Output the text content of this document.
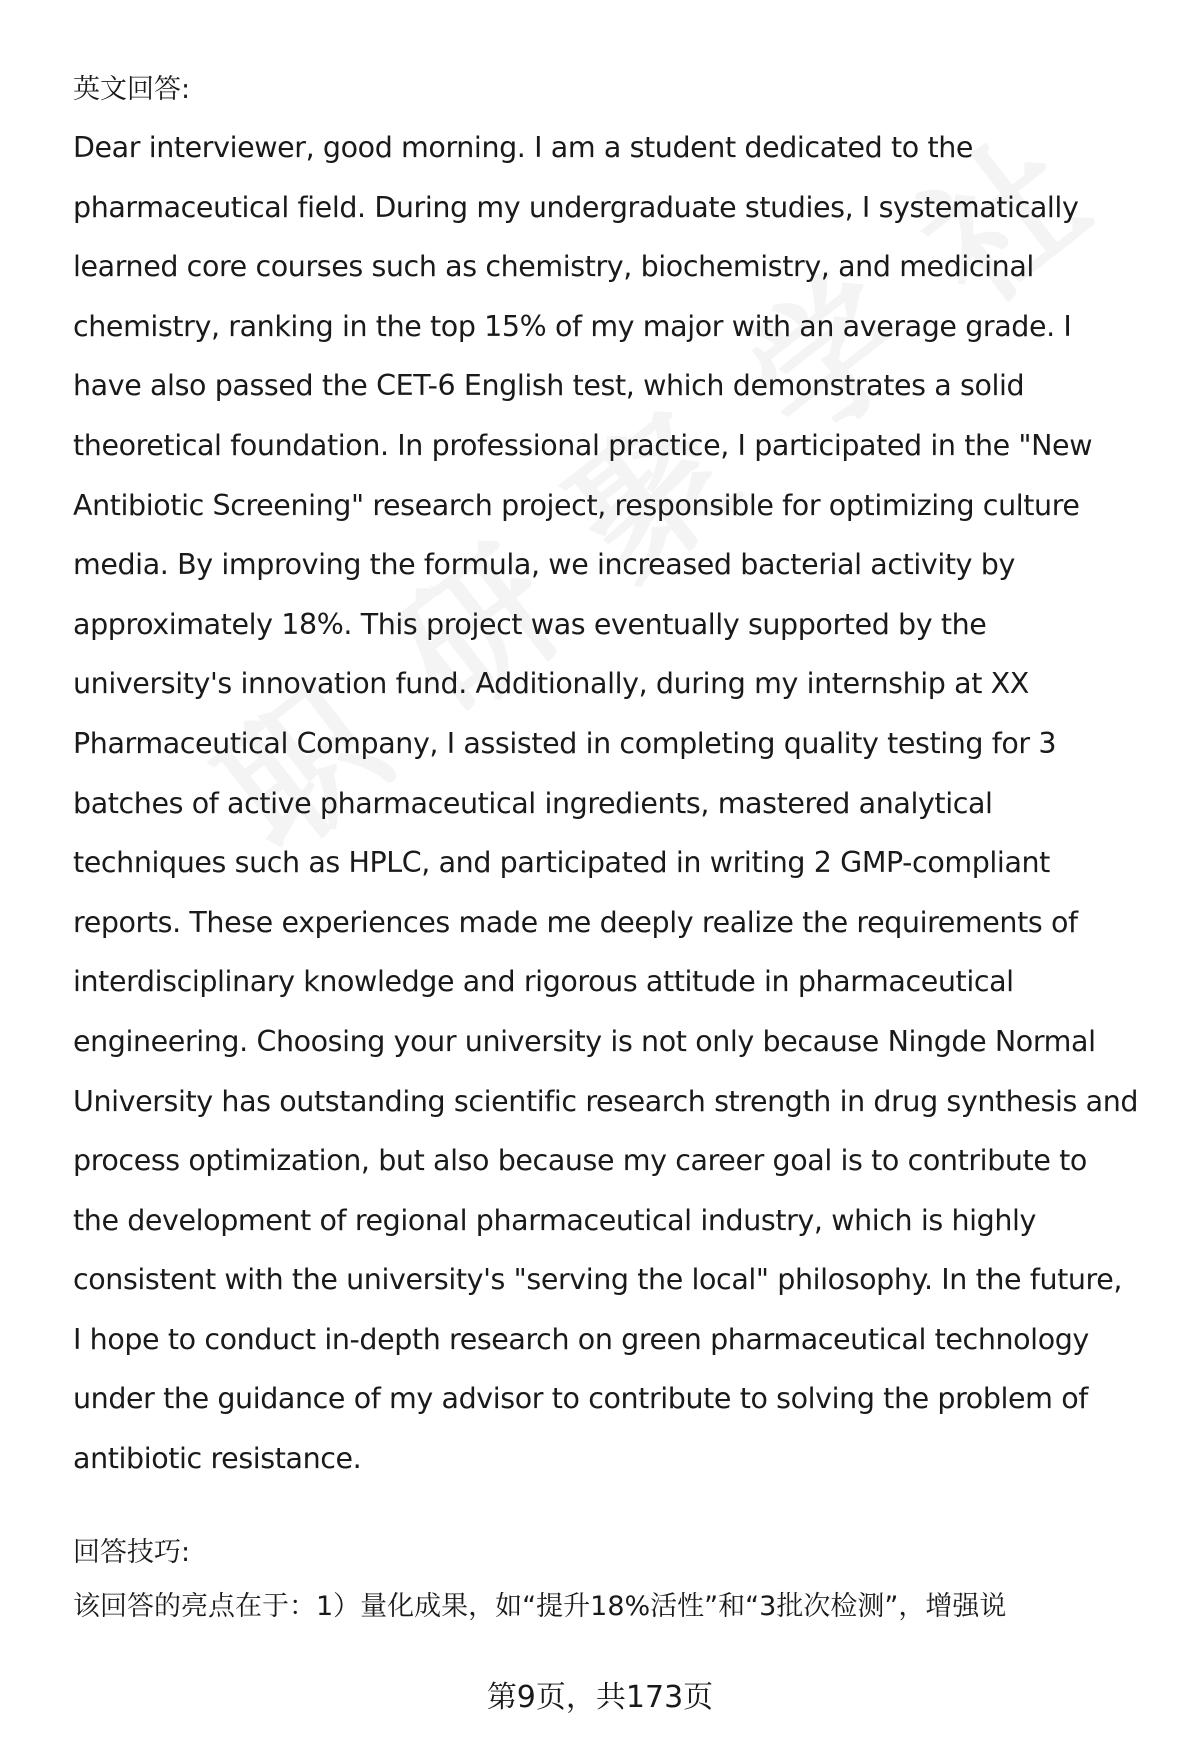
英文回答:
Dear interviewer, good morning. I am a student dedicated to the
pharmaceutical field. During my undergraduate studies, I systematically
learned core courses such as chemistry, biochemistry, and medicinal
chemistry, ranking in the top 15% of my major with an average grade. I
have also passed the CET-6 English test, which demonstrates a solid
theoretical foundation. In professional practice, I participated in the "New
Antibiotic Screening" research project, responsible for optimizing culture
media. By improving the formula, we increased bacterial activity by
approximately 18%. This project was eventually supported by the
university's innovation fund. Additionally, during my internship at XX
Pharmaceutical Company, I assisted in completing quality testing for 3
batches of active pharmaceutical ingredients, mastered analytical
techniques such as HPLC, and participated in writing 2 GMP-compliant
reports. These experiences made me deeply realize the requirements of
interdisciplinary knowledge and rigorous attitude in pharmaceutical
engineering. Choosing your university is not only because Ningde Normal
University has outstanding scientific research strength in drug synthesis and
process optimization, but also because my career goal is to contribute to
the development of regional pharmaceutical industry, which is highly
consistent with the university's "serving the local" philosophy. In the future,
I hope to conduct in-depth research on green pharmaceutical technology
under the guidance of my advisor to contribute to solving the problem of
antibiotic resistance.
回答技巧:
该回答的亮点在于：1）量化成果，如“提升18%活性”和“3批次检测”，增强说
第9页，共173页
